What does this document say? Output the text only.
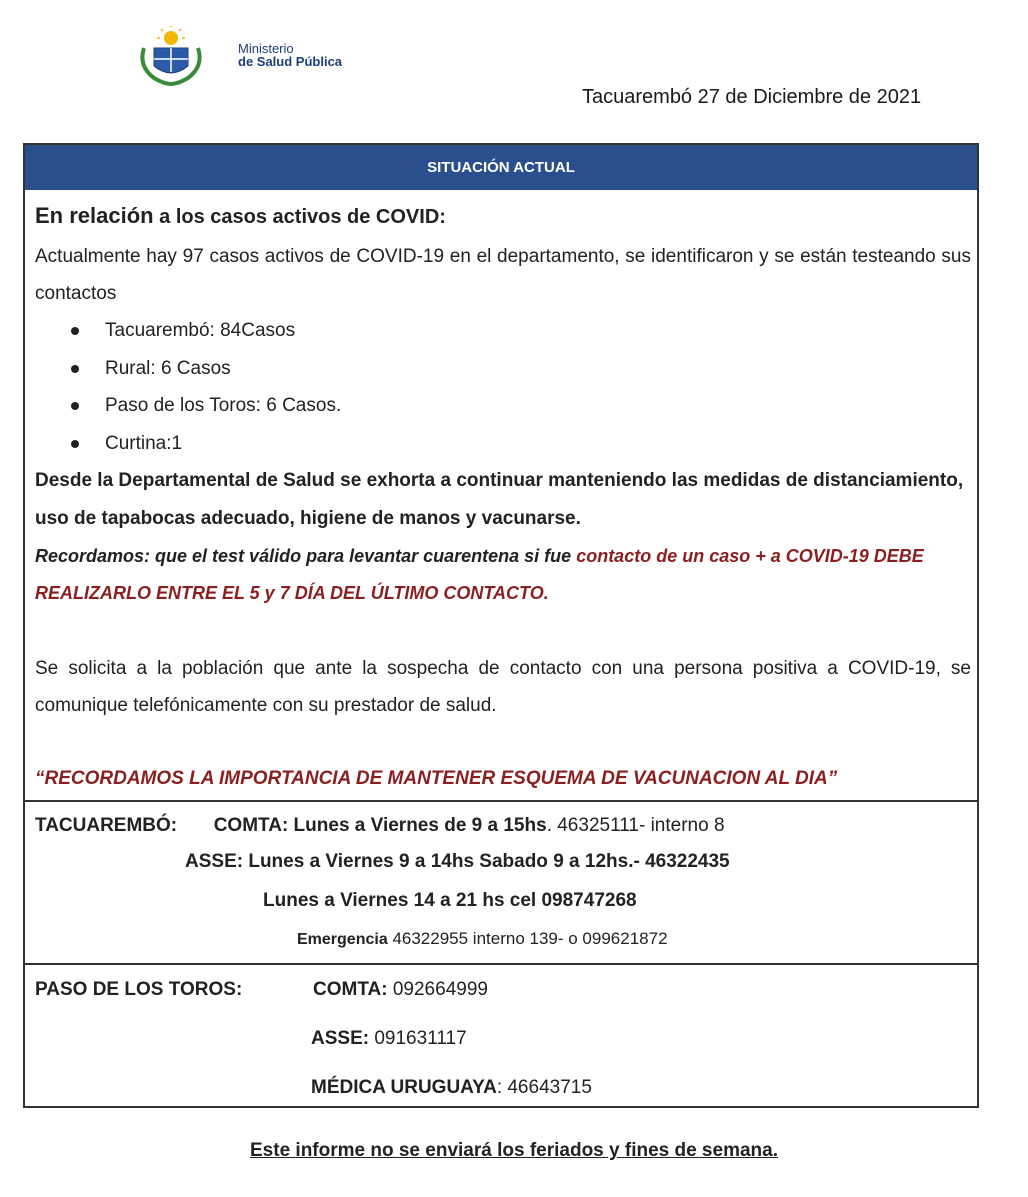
Ministerio
de Salud Pública
Tacuarembó 27 de Diciembre de 2021
SITUACIÓN ACTUAL

En relación a los casos activos de COVID:

Actualmente hay 97 casos activos de COVID-19 en el departamento, se identificaron y se están testeando sus contactos

Tacuarembó: 84Casos
Rural: 6 Casos
Paso de los Toros: 6 Casos.
Curtina:1

Desde la Departamental de Salud se exhorta a continuar manteniendo las medidas de distanciamiento, uso de tapabocas adecuado, higiene de manos y vacunarse.

Recordamos: que el test válido para levantar cuarentena si fue contacto de un caso + a COVID-19 DEBE REALIZARLO ENTRE EL 5 y 7 DÍA DEL ÚLTIMO CONTACTO.

Se solicita a la población que ante la sospecha de contacto con una persona positiva a COVID-19, se comunique telefónicamente con su prestador de salud.

“RECORDAMOS LA IMPORTANCIA DE MANTENER ESQUEMA DE VACUNACION AL DIA”

TACUAREMBÓ: COMTA: Lunes a Viernes de 9 a 15hs. 46325111- interno 8
ASSE: Lunes a Viernes 9 a 14hs Sabado 9 a 12hs.- 46322435
Lunes a Viernes 14 a 21 hs cel 098747268
Emergencia 46322955 interno 139- o 099621872
PASO DE LOS TOROS:	COMTA: 092664999
ASSE: 091631117
MÉDICA URUGUAYA: 46643715
Este informe no se enviará los feriados y fines de semana.
